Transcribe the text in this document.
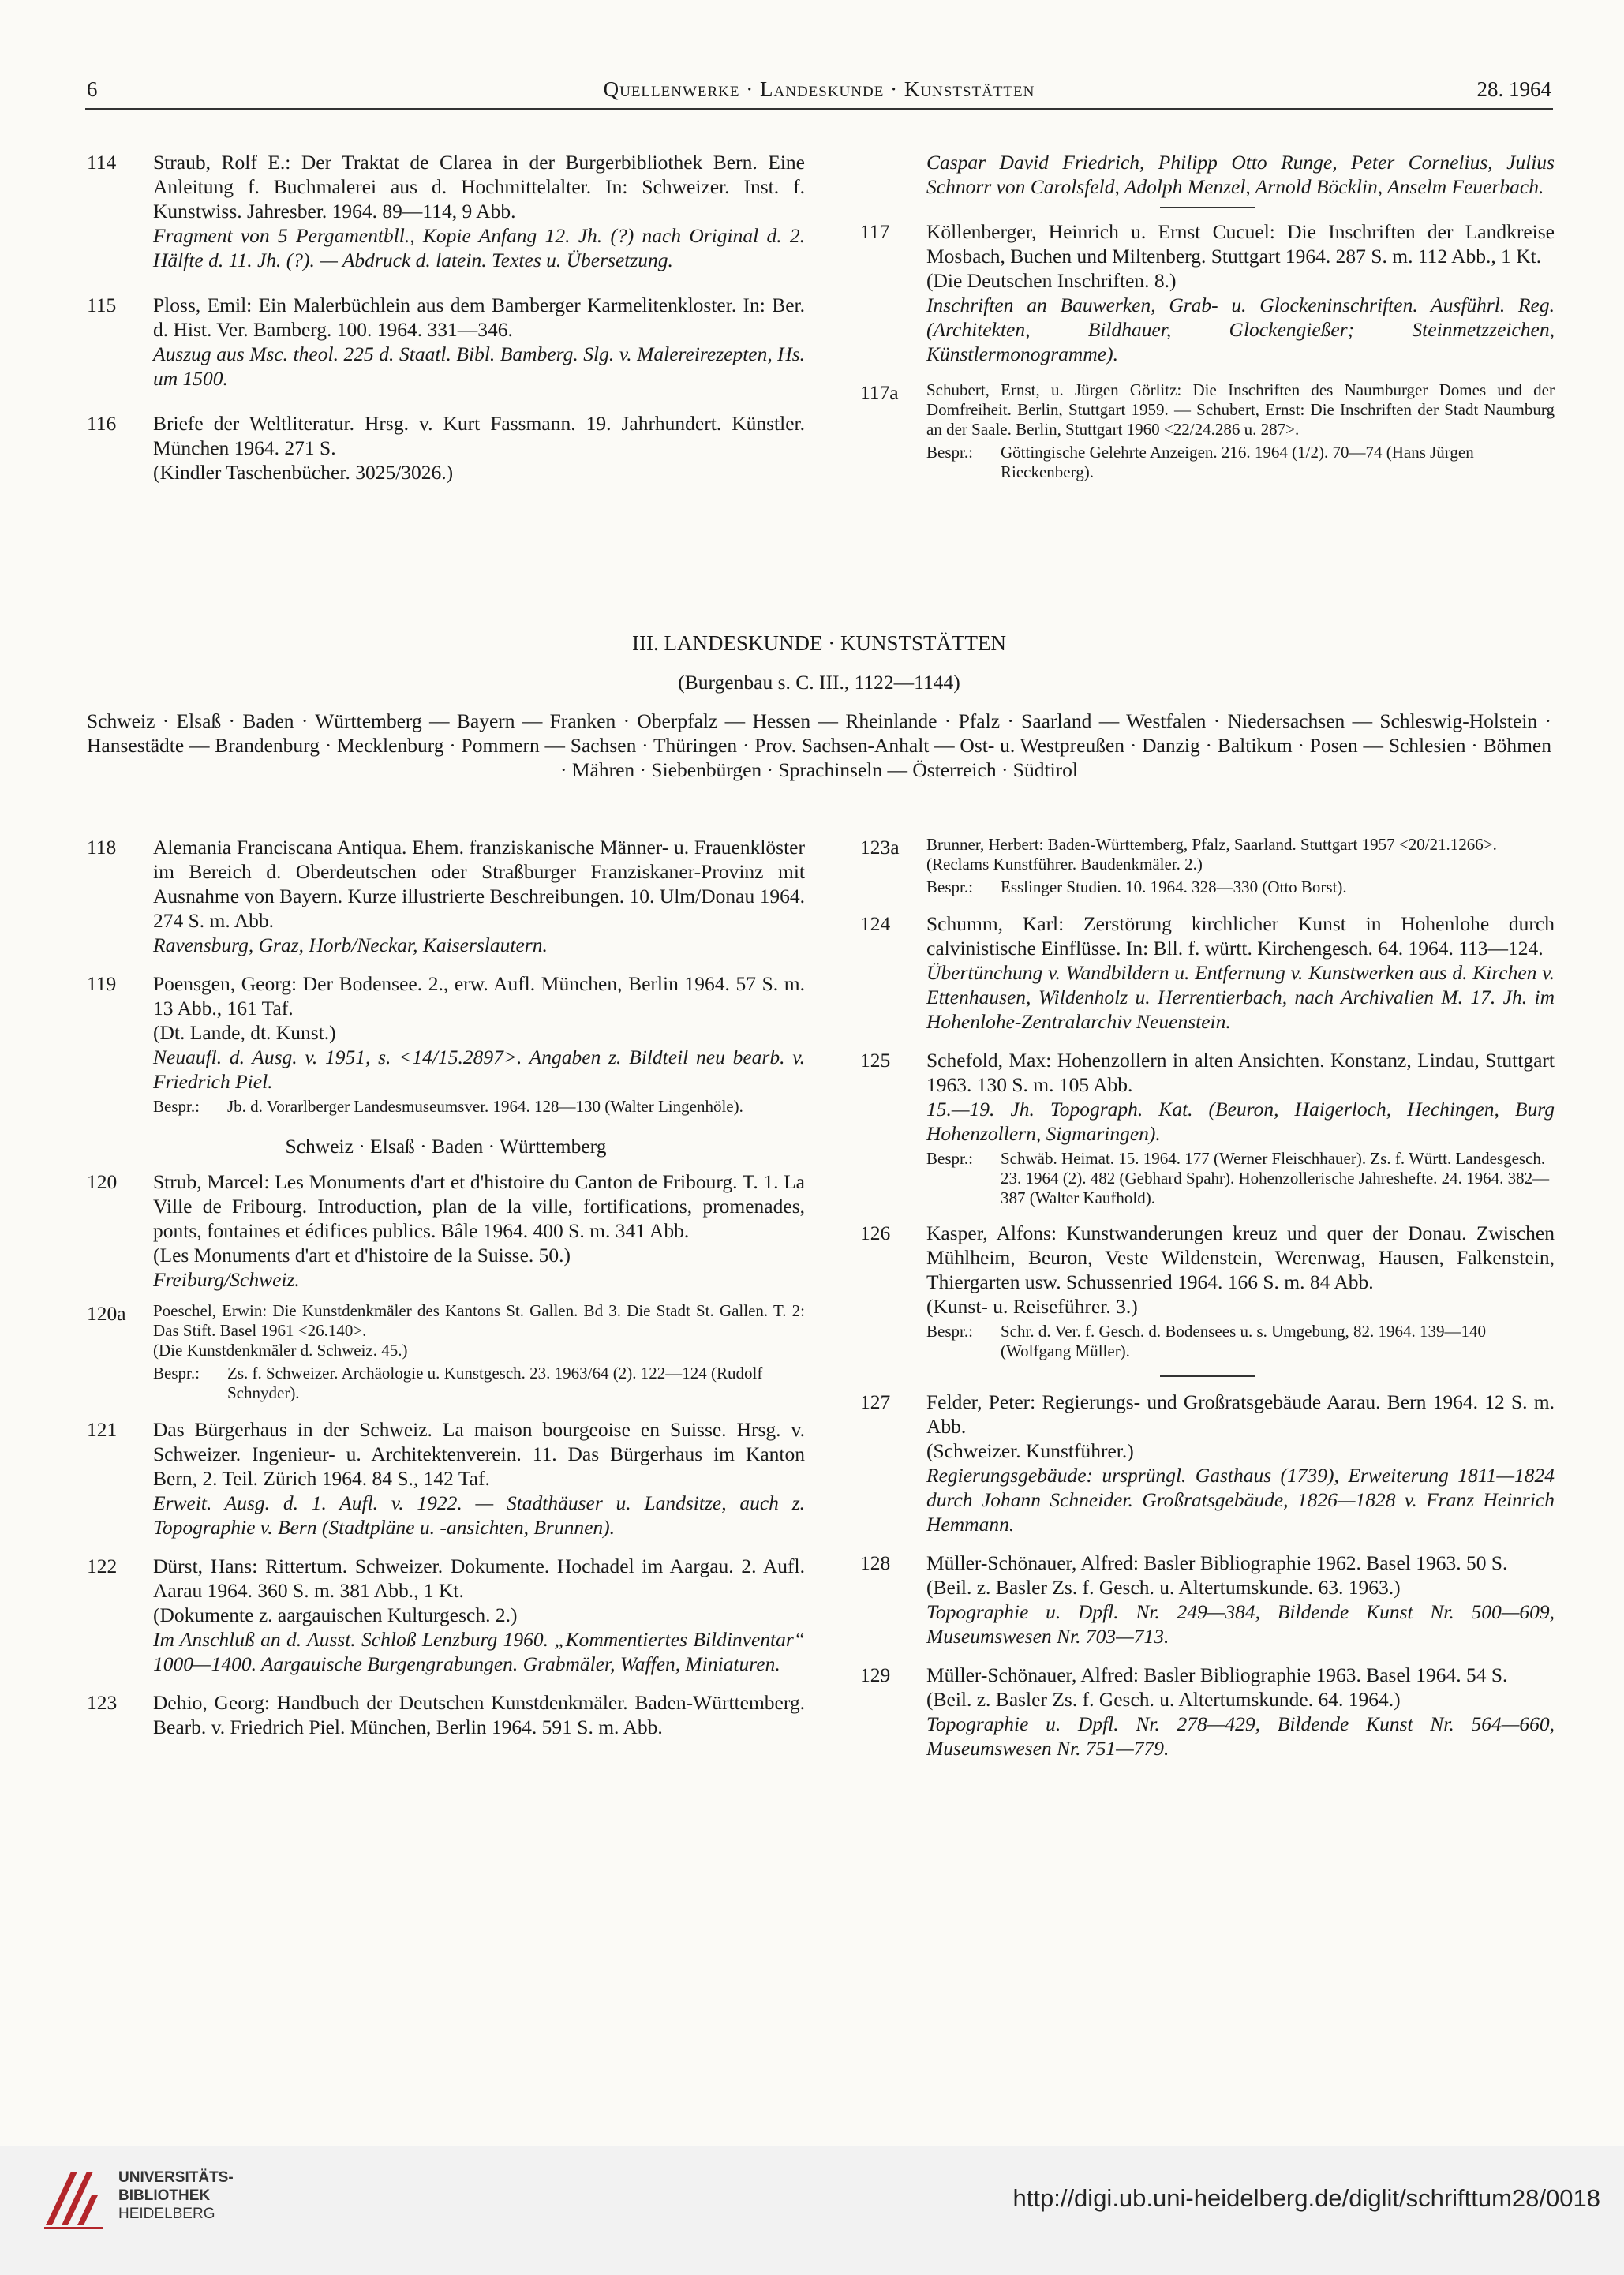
6	Quellenwerke · Landeskunde · Kunststätten	28. 1964
114 Straub, Rolf E.: Der Traktat de Clarea in der Burgerbibliothek Bern. Eine Anleitung f. Buchmalerei aus d. Hochmittelalter. In: Schweizer. Inst. f. Kunstwiss. Jahresber. 1964. 89—114, 9 Abb.

Fragment von 5 Pergamentbll., Kopie Anfang 12. Jh. (?) nach Original d. 2. Hälfte d. 11. Jh. (?). — Abdruck d. latein. Textes u. Übersetzung.

115 Ploss, Emil: Ein Malerbüchlein aus dem Bamberger Karmelitenkloster. In: Ber. d. Hist. Ver. Bamberg. 100. 1964. 331—346.

Auszug aus Msc. theol. 225 d. Staatl. Bibl. Bamberg. Slg. v. Malereirezepten, Hs. um 1500.

116 Briefe der Weltliteratur. Hrsg. v. Kurt Fassmann. 19. Jahrhundert. Künstler. München 1964. 271 S.

(Kindler Taschenbücher. 3025/3026.)

Caspar David Friedrich, Philipp Otto Runge, Peter Cornelius, Julius Schnorr von Carolsfeld, Adolph Menzel, Arnold Böcklin, Anselm Feuerbach.

117 Köllenberger, Heinrich u. Ernst Cucuel: Die Inschriften der Landkreise Mosbach, Buchen und Miltenberg. Stuttgart 1964. 287 S. m. 112 Abb., 1 Kt.

(Die Deutschen Inschriften. 8.)

Inschriften an Bauwerken, Grab- u. Glockeninschriften. Ausführl. Reg. (Architekten, Bildhauer, Glockengießer; Steinmetzzeichen, Künstlermonogramme).

117a Schubert, Ernst, u. Jürgen Görlitz: Die Inschriften des Naumburger Domes und der Domfreiheit. Berlin, Stuttgart 1959. — Schubert, Ernst: Die Inschriften der Stadt Naumburg an der Saale. Berlin, Stuttgart 1960 <22/24.286 u. 287>.

Bespr.:	Göttingische Gelehrte Anzeigen. 216. 1964 (1/2). 70—74 (Hans Jürgen Rieckenberg).
III. LANDESKUNDE · KUNSTSTÄTTEN
(Burgenbau s. C. III., 1122—1144)
Schweiz · Elsaß · Baden · Württemberg — Bayern — Franken · Oberpfalz — Hessen — Rheinlande · Pfalz · Saarland — Westfalen · Niedersachsen — Schleswig-Holstein · Hansestädte — Brandenburg · Mecklenburg · Pommern — Sachsen · Thüringen · Prov. Sachsen-Anhalt — Ost- u. Westpreußen · Danzig · Baltikum · Posen — Schlesien · Böhmen · Mähren · Siebenbürgen · Sprachinseln — Österreich · Südtirol
118 Alemania Franciscana Antiqua. Ehem. franziskanische Männer- u. Frauenklöster im Bereich d. Oberdeutschen oder Straßburger Franziskaner-Provinz mit Ausnahme von Bayern. Kurze illustrierte Beschreibungen. 10. Ulm/Donau 1964. 274 S. m. Abb.

Ravensburg, Graz, Horb/Neckar, Kaiserslautern.

119 Poensgen, Georg: Der Bodensee. 2., erw. Aufl. München, Berlin 1964. 57 S. m. 13 Abb., 161 Taf.

(Dt. Lande, dt. Kunst.)

Neuaufl. d. Ausg. v. 1951, s. <14/15.2897>. Angaben z. Bildteil neu bearb. v. Friedrich Piel.

Bespr.:	Jb. d. Vorarlberger Landesmuseumsver. 1964. 128—130 (Walter Lingenhöle).
Schweiz · Elsaß · Baden · Württemberg
120 Strub, Marcel: Les Monuments d'art et d'histoire du Canton de Fribourg. T. 1. La Ville de Fribourg. Introduction, plan de la ville, fortifications, promenades, ponts, fontaines et édifices publics. Bâle 1964. 400 S. m. 341 Abb.

(Les Monuments d'art et d'histoire de la Suisse. 50.)

Freiburg/Schweiz.

120a Poeschel, Erwin: Die Kunstdenkmäler des Kantons St. Gallen. Bd 3. Die Stadt St. Gallen. T. 2: Das Stift. Basel 1961 <26.140>.

(Die Kunstdenkmäler d. Schweiz. 45.)

Bespr.:	Zs. f. Schweizer. Archäologie u. Kunstgesch. 23. 1963/64 (2). 122—124 (Rudolf Schnyder).
121 Das Bürgerhaus in der Schweiz. La maison bourgeoise en Suisse. Hrsg. v. Schweizer. Ingenieur- u. Architektenverein. 11. Das Bürgerhaus im Kanton Bern, 2. Teil. Zürich 1964. 84 S., 142 Taf.

Erweit. Ausg. d. 1. Aufl. v. 1922. — Stadthäuser u. Landsitze, auch z. Topographie v. Bern (Stadtpläne u. -ansichten, Brunnen).

122 Dürst, Hans: Rittertum. Schweizer. Dokumente. Hochadel im Aargau. 2. Aufl. Aarau 1964. 360 S. m. 381 Abb., 1 Kt.

(Dokumente z. aargauischen Kulturgesch. 2.)

Im Anschluß an d. Ausst. Schloß Lenzburg 1960. „Kommentiertes Bildinventar“ 1000—1400. Aargauische Burgengrabungen. Grabmäler, Waffen, Miniaturen.

123 Dehio, Georg: Handbuch der Deutschen Kunstdenkmäler. Baden-Württemberg. Bearb. v. Friedrich Piel. München, Berlin 1964. 591 S. m. Abb.

123a Brunner, Herbert: Baden-Württemberg, Pfalz, Saarland. Stuttgart 1957 <20/21.1266>.

(Reclams Kunstführer. Baudenkmäler. 2.)

Bespr.:	Esslinger Studien. 10. 1964. 328—330 (Otto Borst).
124 Schumm, Karl: Zerstörung kirchlicher Kunst in Hohenlohe durch calvinistische Einflüsse. In: Bll. f. württ. Kirchengesch. 64. 1964. 113—124.

Übertünchung v. Wandbildern u. Entfernung v. Kunstwerken aus d. Kirchen v. Ettenhausen, Wildenholz u. Herrentierbach, nach Archivalien M. 17. Jh. im Hohenlohe-Zentralarchiv Neuenstein.

125 Schefold, Max: Hohenzollern in alten Ansichten. Konstanz, Lindau, Stuttgart 1963. 130 S. m. 105 Abb.

15.—19. Jh. Topograph. Kat. (Beuron, Haigerloch, Hechingen, Burg Hohenzollern, Sigmaringen).

Bespr.:	Schwäb. Heimat. 15. 1964. 177 (Werner Fleischhauer). Zs. f. Württ. Landesgesch. 23. 1964 (2). 482 (Gebhard Spahr). Hohenzollerische Jahreshefte. 24. 1964. 382—387 (Walter Kaufhold).
126 Kasper, Alfons: Kunstwanderungen kreuz und quer der Donau. Zwischen Mühlheim, Beuron, Veste Wildenstein, Werenwag, Hausen, Falkenstein, Thiergarten usw. Schussenried 1964. 166 S. m. 84 Abb.

(Kunst- u. Reiseführer. 3.)

Bespr.:	Schr. d. Ver. f. Gesch. d. Bodensees u. s. Umgebung, 82. 1964. 139—140 (Wolfgang Müller).
127 Felder, Peter: Regierungs- und Großratsgebäude Aarau. Bern 1964. 12 S. m. Abb.

(Schweizer. Kunstführer.)

Regierungsgebäude: ursprüngl. Gasthaus (1739), Erweiterung 1811—1824 durch Johann Schneider. Großratsgebäude, 1826—1828 v. Franz Heinrich Hemmann.

128 Müller-Schönauer, Alfred: Basler Bibliographie 1962. Basel 1963. 50 S.

(Beil. z. Basler Zs. f. Gesch. u. Altertumskunde. 63. 1963.)

Topographie u. Dpfl. Nr. 249—384, Bildende Kunst Nr. 500—609, Museumswesen Nr. 703—713.

129 Müller-Schönauer, Alfred: Basler Bibliographie 1963. Basel 1964. 54 S.

(Beil. z. Basler Zs. f. Gesch. u. Altertumskunde. 64. 1964.)

Topographie u. Dpfl. Nr. 278—429, Bildende Kunst Nr. 564—660, Museumswesen Nr. 751—779.

UNIVERSITÄTS-
BIBLIOTHEK
HEIDELBERG
http://digi.ub.uni-heidelberg.de/diglit/schrifttum28/0018
